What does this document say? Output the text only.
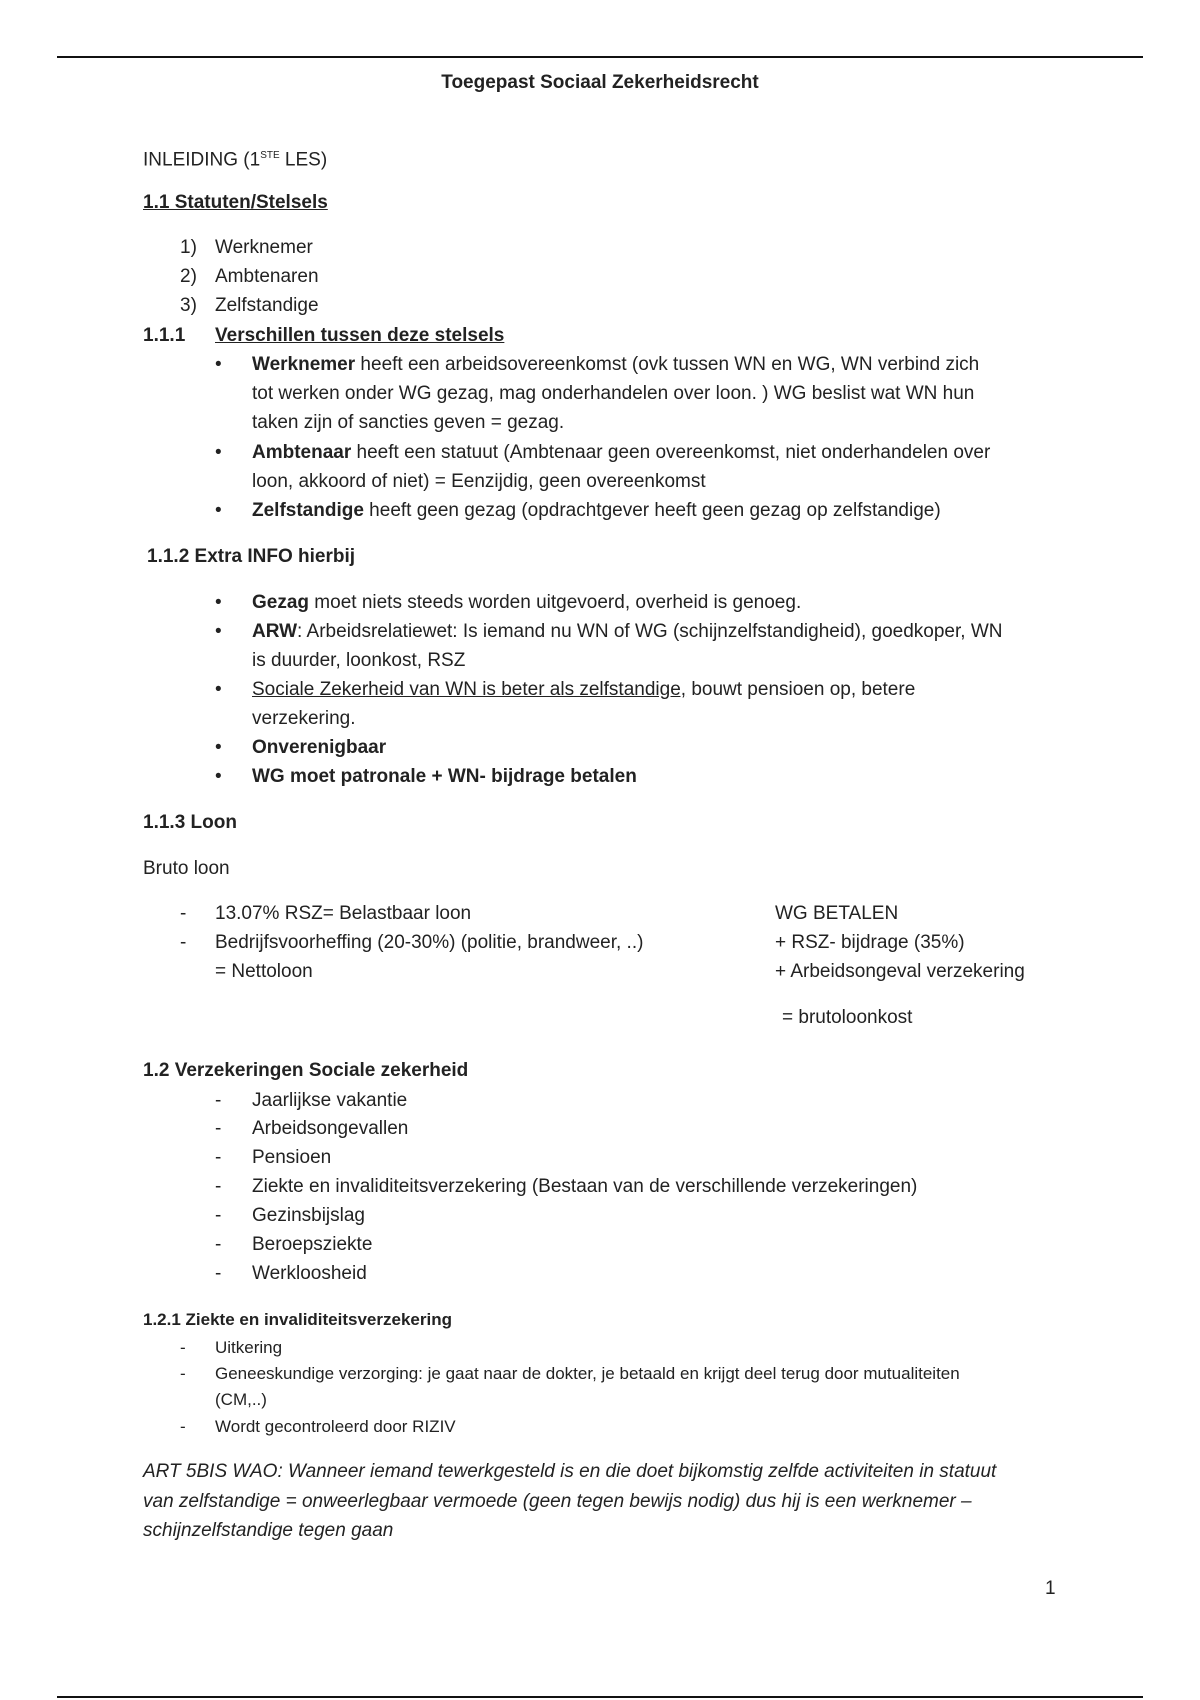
Toegepast Sociaal Zekerheidsrecht
INLEIDING (1STE LES)
1.1 Statuten/Stelsels
1) Werknemer
2) Ambtenaren
3) Zelfstandige
1.1.1 Verschillen tussen deze stelsels
• Werknemer heeft een arbeidsovereenkomst (ovk tussen WN en WG, WN verbind zich
tot werken onder WG gezag, mag onderhandelen over loon. ) WG beslist wat WN hun
taken zijn of sancties geven = gezag.
• Ambtenaar heeft een statuut (Ambtenaar geen overeenkomst, niet onderhandelen over
loon, akkoord of niet) = Eenzijdig, geen overeenkomst
• Zelfstandige heeft geen gezag (opdrachtgever heeft geen gezag op zelfstandige)
1.1.2 Extra INFO hierbij
• Gezag moet niets steeds worden uitgevoerd, overheid is genoeg.
• ARW: Arbeidsrelatiewet: Is iemand nu WN of WG (schijnzelfstandigheid), goedkoper, WN
is duurder, loonkost, RSZ
• Sociale Zekerheid van WN is beter als zelfstandige, bouwt pensioen op, betere
verzekering.
• Onverenigbaar
• WG moet patronale + WN- bijdrage betalen
1.1.3 Loon
Bruto loon
- 13.07% RSZ= Belastbaar loon
- Bedrijfsvoorheffing (20-30%) (politie, brandweer, ..)
= Nettoloon
WG BETALEN
+ RSZ- bijdrage (35%)
+ Arbeidsongeval verzekering
= brutoloonkost
1.2 Verzekeringen Sociale zekerheid
- Jaarlijkse vakantie
- Arbeidsongevallen
- Pensioen
- Ziekte en invaliditeitsverzekering (Bestaan van de verschillende verzekeringen)
- Gezinsbijslag
- Beroepsziekte
- Werkloosheid
1.2.1 Ziekte en invaliditeitsverzekering
- Uitkering
- Geneeskundige verzorging: je gaat naar de dokter, je betaald en krijgt deel terug door mutualiteiten
(CM,..)
- Wordt gecontroleerd door RIZIV
ART 5BIS WAO: Wanneer iemand tewerkgesteld is en die doet bijkomstig zelfde activiteiten in statuut
van zelfstandige = onweerlegbaar vermoede (geen tegen bewijs nodig) dus hij is een werknemer –
schijnzelfstandige tegen gaan
1
